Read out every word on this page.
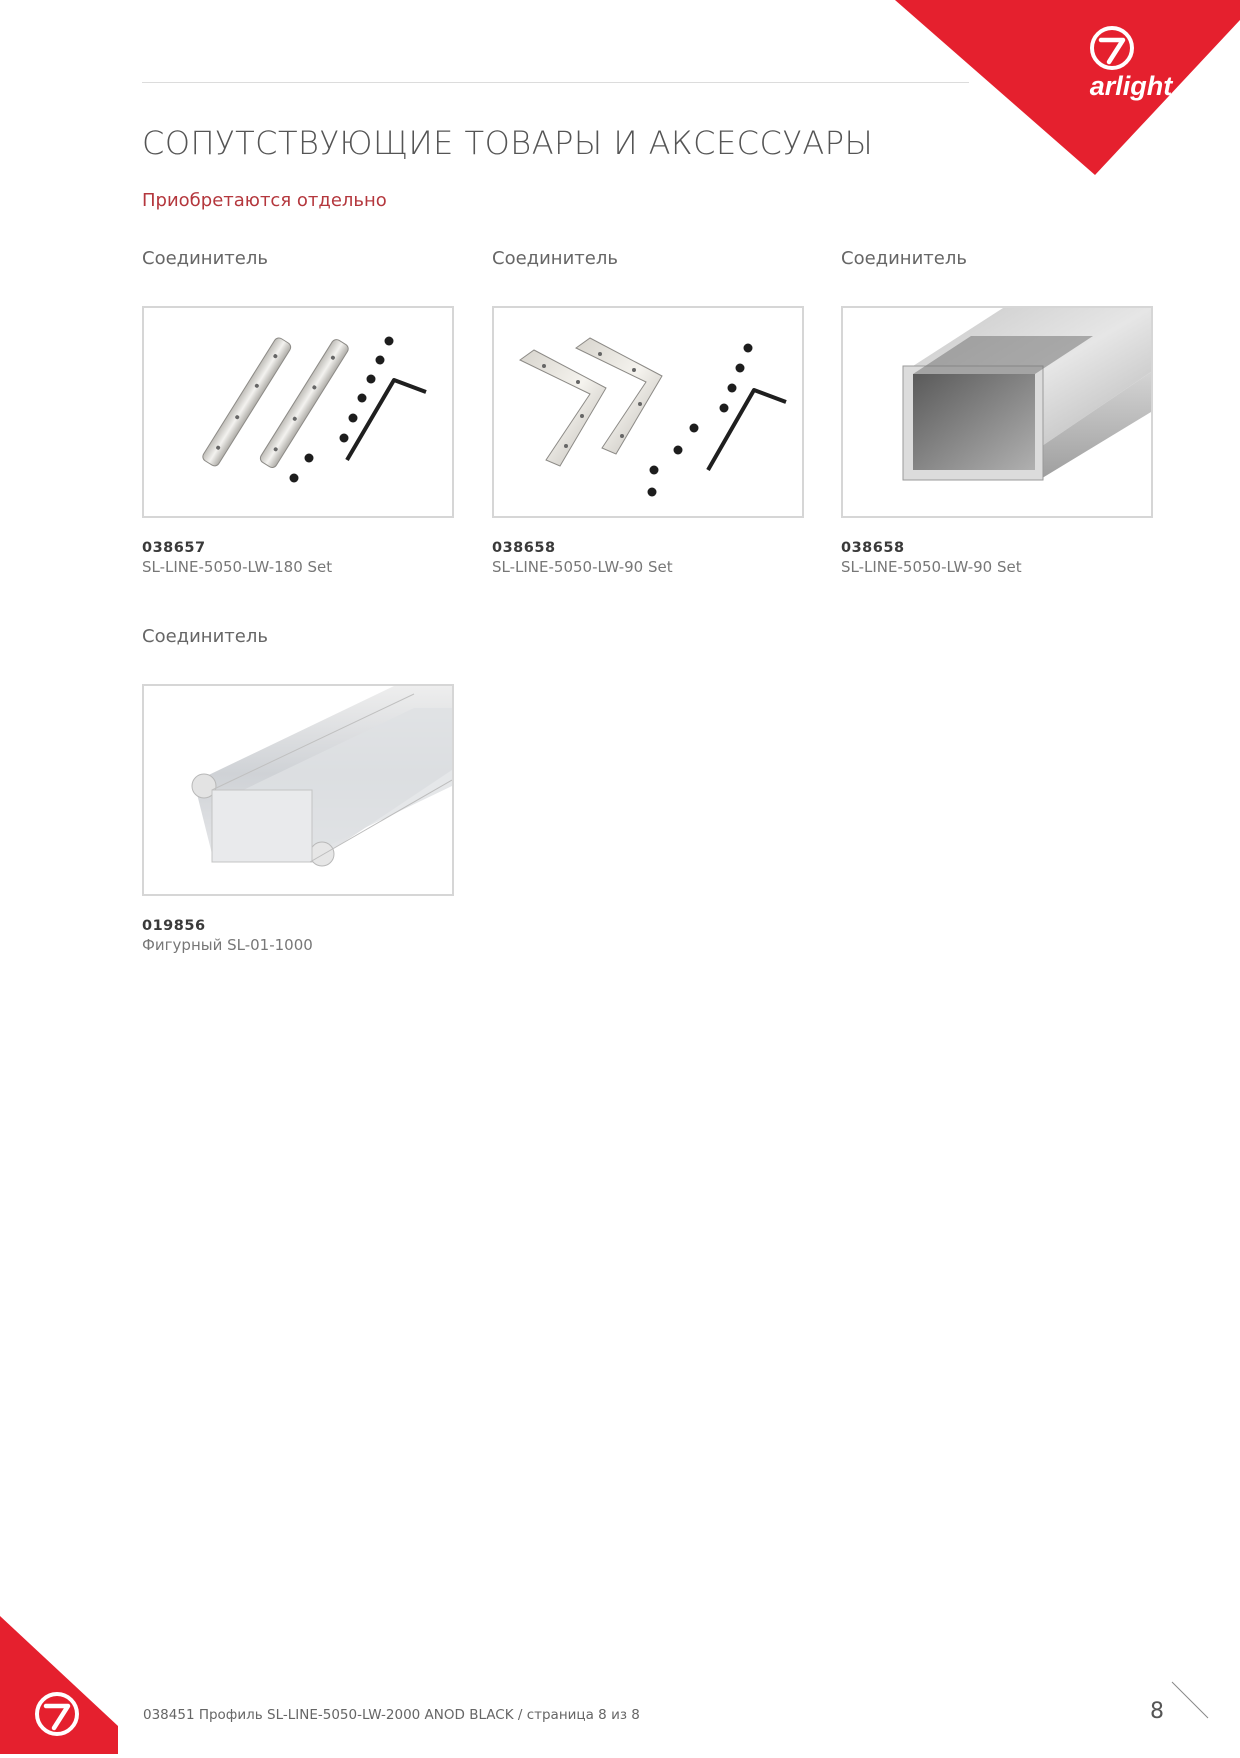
arlight
СОПУТСТВУЮЩИЕ ТОВАРЫ И АКСЕССУАРЫ
Приобретаются отдельно
Соединитель
038657
SL-LINE-5050-LW-180 Set
Соединитель
038658
SL-LINE-5050-LW-90 Set
Соединитель
038658
SL-LINE-5050-LW-90 Set
Соединитель
019856
Фигурный SL-01-1000
038451 Профиль SL-LINE-5050-LW-2000 ANOD BLACK / страница 8 из 8	8
